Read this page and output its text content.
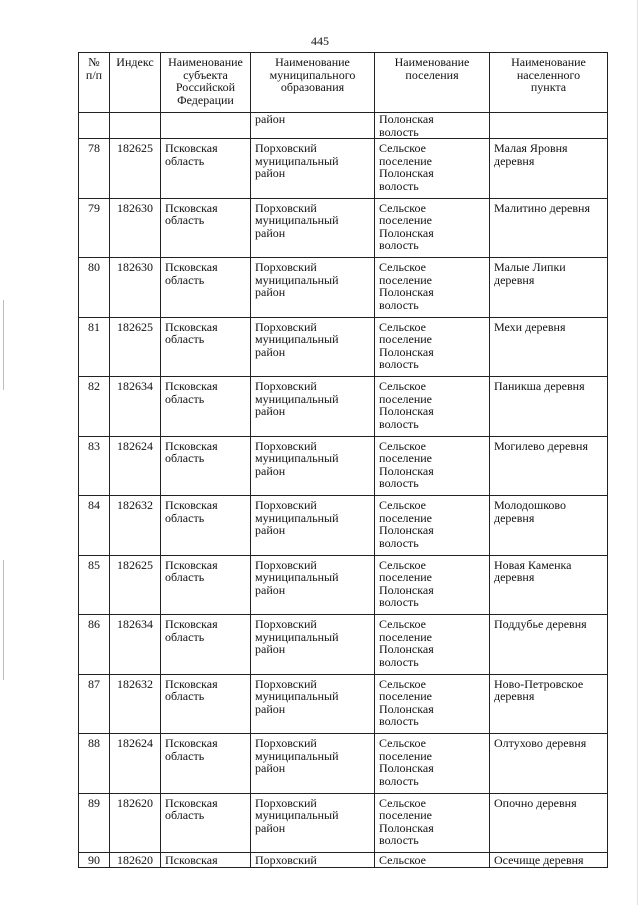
445
№
п/п	Индекс	Наименование
субъекта
Российской
Федерации	Наименование
муниципального
образования	Наименование
поселения	Наименование
населенного
пункта
			район	Полонская
волость	
78	182625	Псковская
область	Порховский
муниципальный
район	Сельское
поселение
Полонская
волость	Малая Яровня
деревня
79	182630	Псковская
область	Порховский
муниципальный
район	Сельское
поселение
Полонская
волость	Малитино деревня
80	182630	Псковская
область	Порховский
муниципальный
район	Сельское
поселение
Полонская
волость	Малые Липки
деревня
81	182625	Псковская
область	Порховский
муниципальный
район	Сельское
поселение
Полонская
волость	Мехи деревня
82	182634	Псковская
область	Порховский
муниципальный
район	Сельское
поселение
Полонская
волость	Паникша деревня
83	182624	Псковская
область	Порховский
муниципальный
район	Сельское
поселение
Полонская
волость	Могилево деревня
84	182632	Псковская
область	Порховский
муниципальный
район	Сельское
поселение
Полонская
волость	Молодошково
деревня
85	182625	Псковская
область	Порховский
муниципальный
район	Сельское
поселение
Полонская
волость	Новая Каменка
деревня
86	182634	Псковская
область	Порховский
муниципальный
район	Сельское
поселение
Полонская
волость	Поддубье деревня
87	182632	Псковская
область	Порховский
муниципальный
район	Сельское
поселение
Полонская
волость	Ново-Петровское
деревня
88	182624	Псковская
область	Порховский
муниципальный
район	Сельское
поселение
Полонская
волость	Олтухово деревня
89	182620	Псковская
область	Порховский
муниципальный
район	Сельское
поселение
Полонская
волость	Опочно деревня
90	182620	Псковская	Порховский	Сельское	Осечище деревня
